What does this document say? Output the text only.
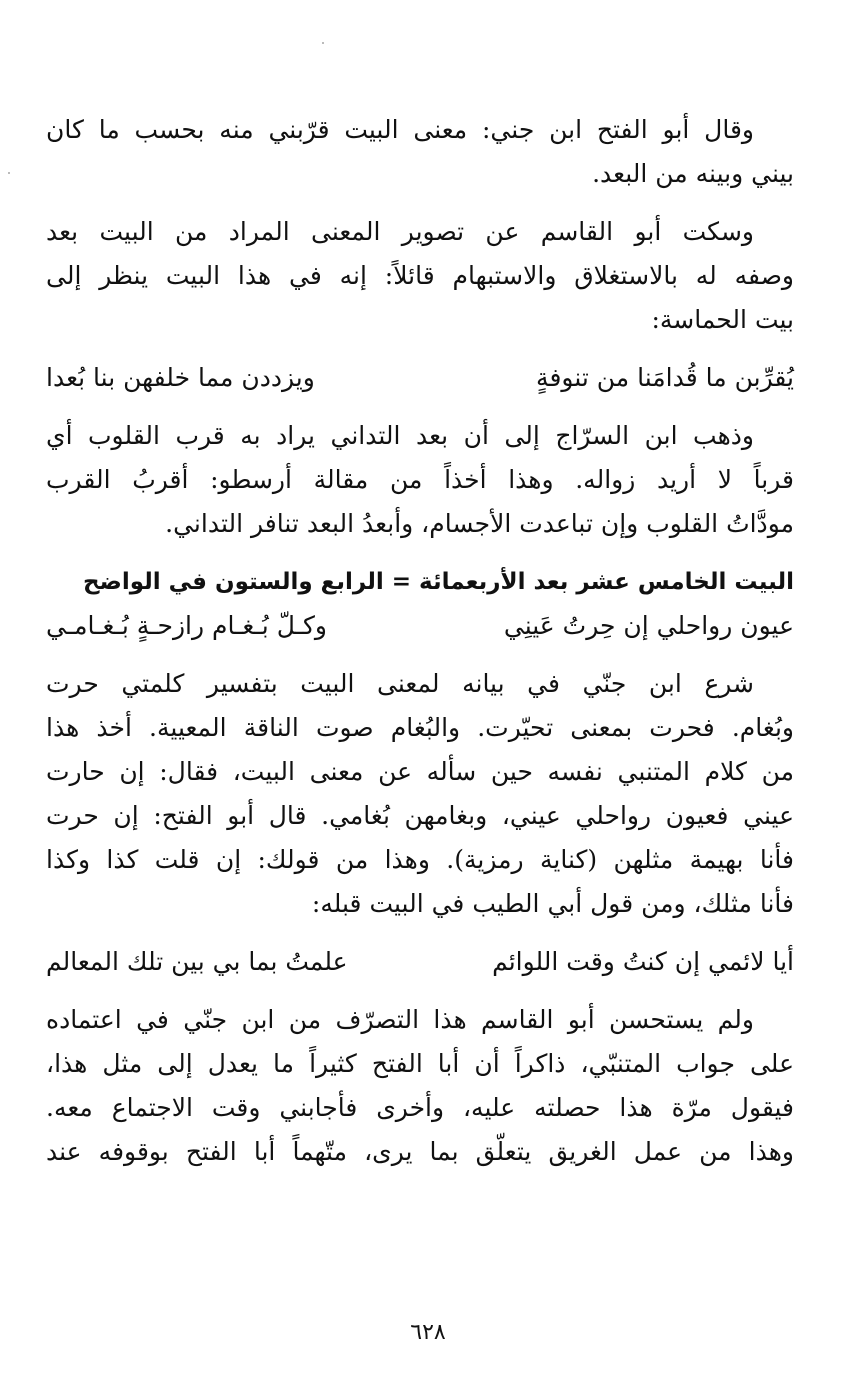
وقال أبو الفتح ابن جني: معنى البيت قرّبني منه بحسب ما كان
بيني وبينه من البعد.
وسكت أبو القاسم عن تصوير المعنى المراد من البيت بعد
وصفه له بالاستغلاق والاستبهام قائلاً: إنه في هذا البيت ينظر إلى
بيت الحماسة:
يُقرِّبن ما قُدامَنا من تنوفةٍ
ويزددن مما خلفهن بنا بُعدا
وذهب ابن السرّاج إلى أن بعد التداني يراد به قرب القلوب أي
قرباً لا أريد زواله. وهذا أخذاً من مقالة أرسطو: أقربُ القرب
مودَّاتُ القلوب وإن تباعدت الأجسام، وأبعدُ البعد تنافر التداني.
البيت الخامس عشر بعد الأربعمائة = الرابع والستون في الواضح
عيون رواحلي إن حِرتُ عَينِي
وكـلّ بُـغـام رازحـةٍ بُـغـامـي
شرع ابن جنّي في بيانه لمعنى البيت بتفسير كلمتي حرت
وبُغام. فحرت بمعنى تحيّرت. والبُغام صوت الناقة المعيية. أخذ هذا
من كلام المتنبي نفسه حين سأله عن معنى البيت، فقال: إن حارت
عيني فعيون رواحلي عيني، وبغامهن بُغامي. قال أبو الفتح: إن حرت
فأنا بهيمة مثلهن (كناية رمزية). وهذا من قولك: إن قلت كذا وكذا
فأنا مثلك، ومن قول أبي الطيب في البيت قبله:
أيا لائمي إن كنتُ وقت اللوائم
علمتُ بما بي بين تلك المعالم
ولم يستحسن أبو القاسم هذا التصرّف من ابن جنّي في اعتماده
على جواب المتنبّي، ذاكراً أن أبا الفتح كثيراً ما يعدل إلى مثل هذا،
فيقول مرّة هذا حصلته عليه، وأخرى فأجابني وقت الاجتماع معه.
وهذا من عمل الغريق يتعلّق بما يرى، متّهماً أبا الفتح بوقوفه عند
٦٢٨
